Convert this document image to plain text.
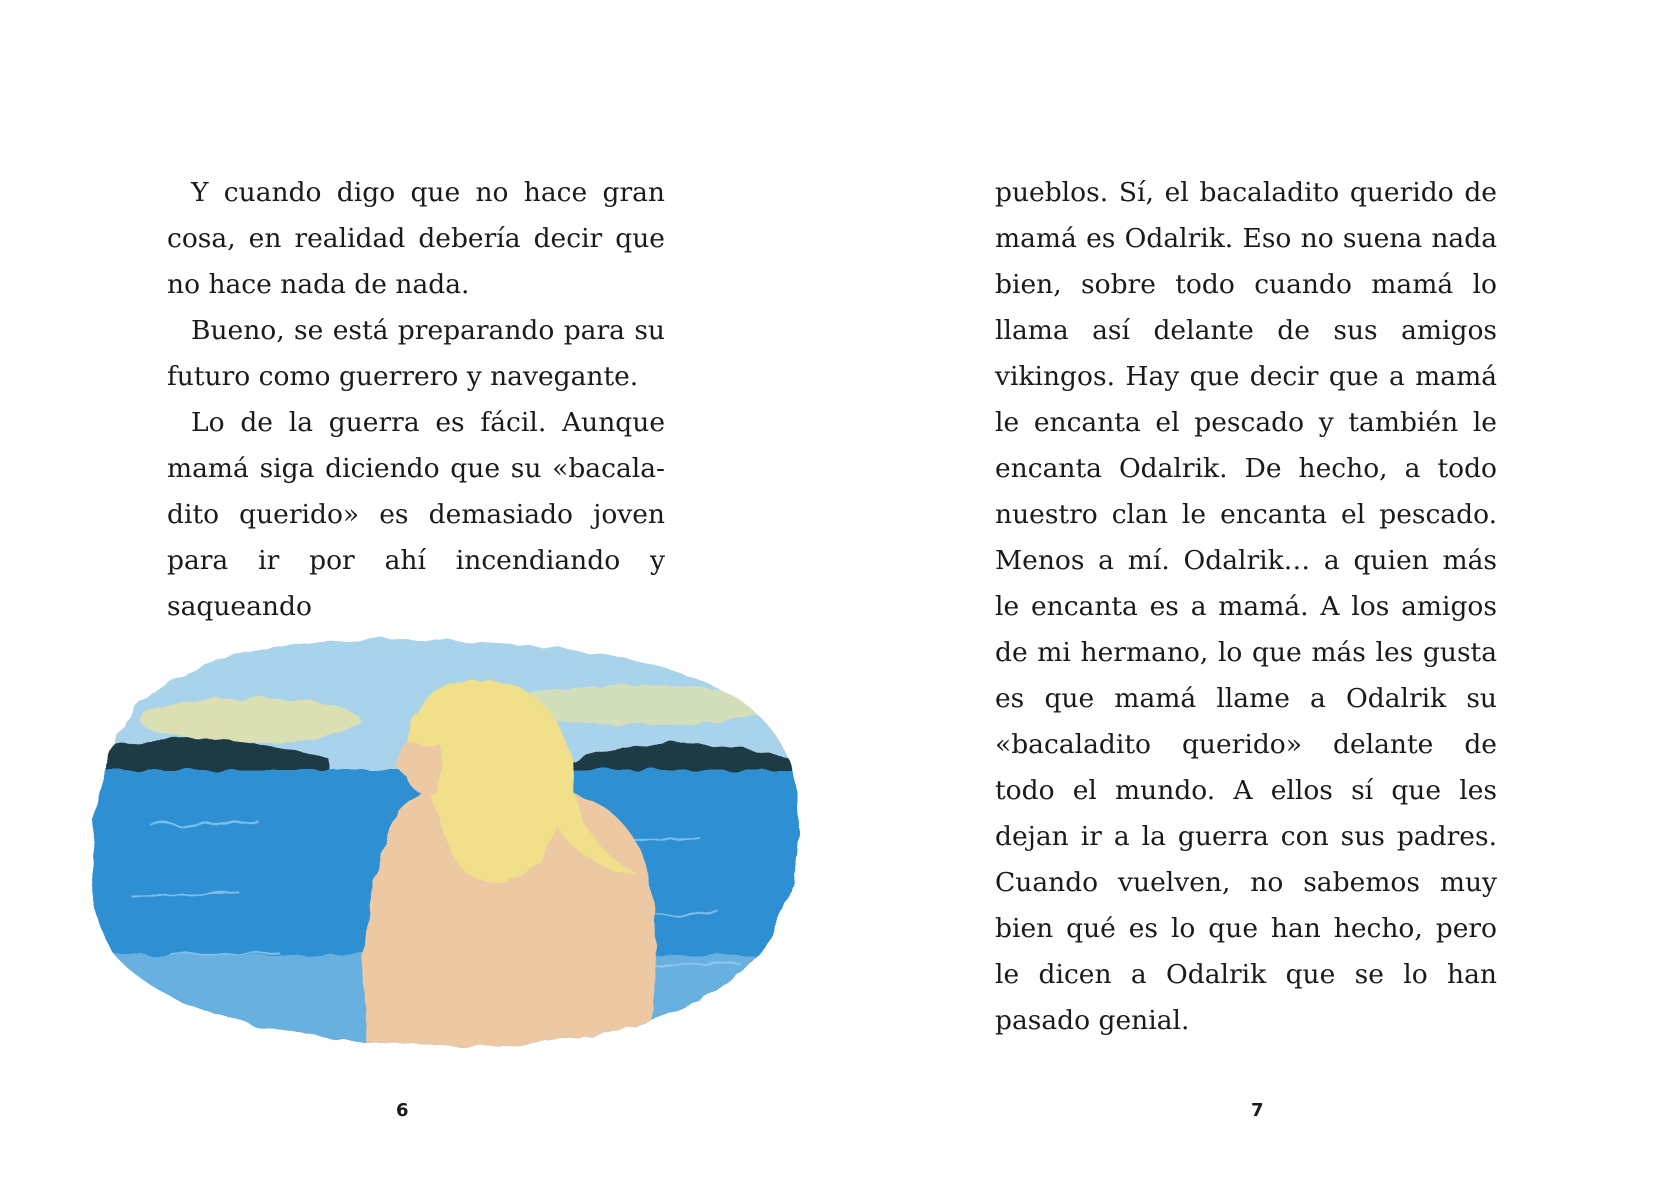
Y cuando digo que no hace gran cosa, en realidad debería decir que no hace nada de nada.

Bueno, se está preparando para su futuro como guerrero y navegante.

Lo de la guerra es fácil. Aunque mamá siga diciendo que su «bacaladito querido» es demasiado joven para ir por ahí incendiando y saqueando

6

pueblos. Sí, el bacaladito querido de mamá es Odalrik. Eso no suena nada bien, sobre todo cuando mamá lo llama así delante de sus amigos vikingos. Hay que decir que a mamá le encanta el pescado y también le encanta Odalrik. De hecho, a todo nuestro clan le encanta el pescado. Menos a mí. Odalrik… a quien más le encanta es a mamá. A los amigos de mi hermano, lo que más les gusta es que mamá llame a Odalrik su «bacaladito querido» delante de todo el mundo. A ellos sí que les dejan ir a la guerra con sus padres. Cuando vuelven, no sabemos muy bien qué es lo que han hecho, pero le dicen a Odalrik que se lo han pasado genial.

7
